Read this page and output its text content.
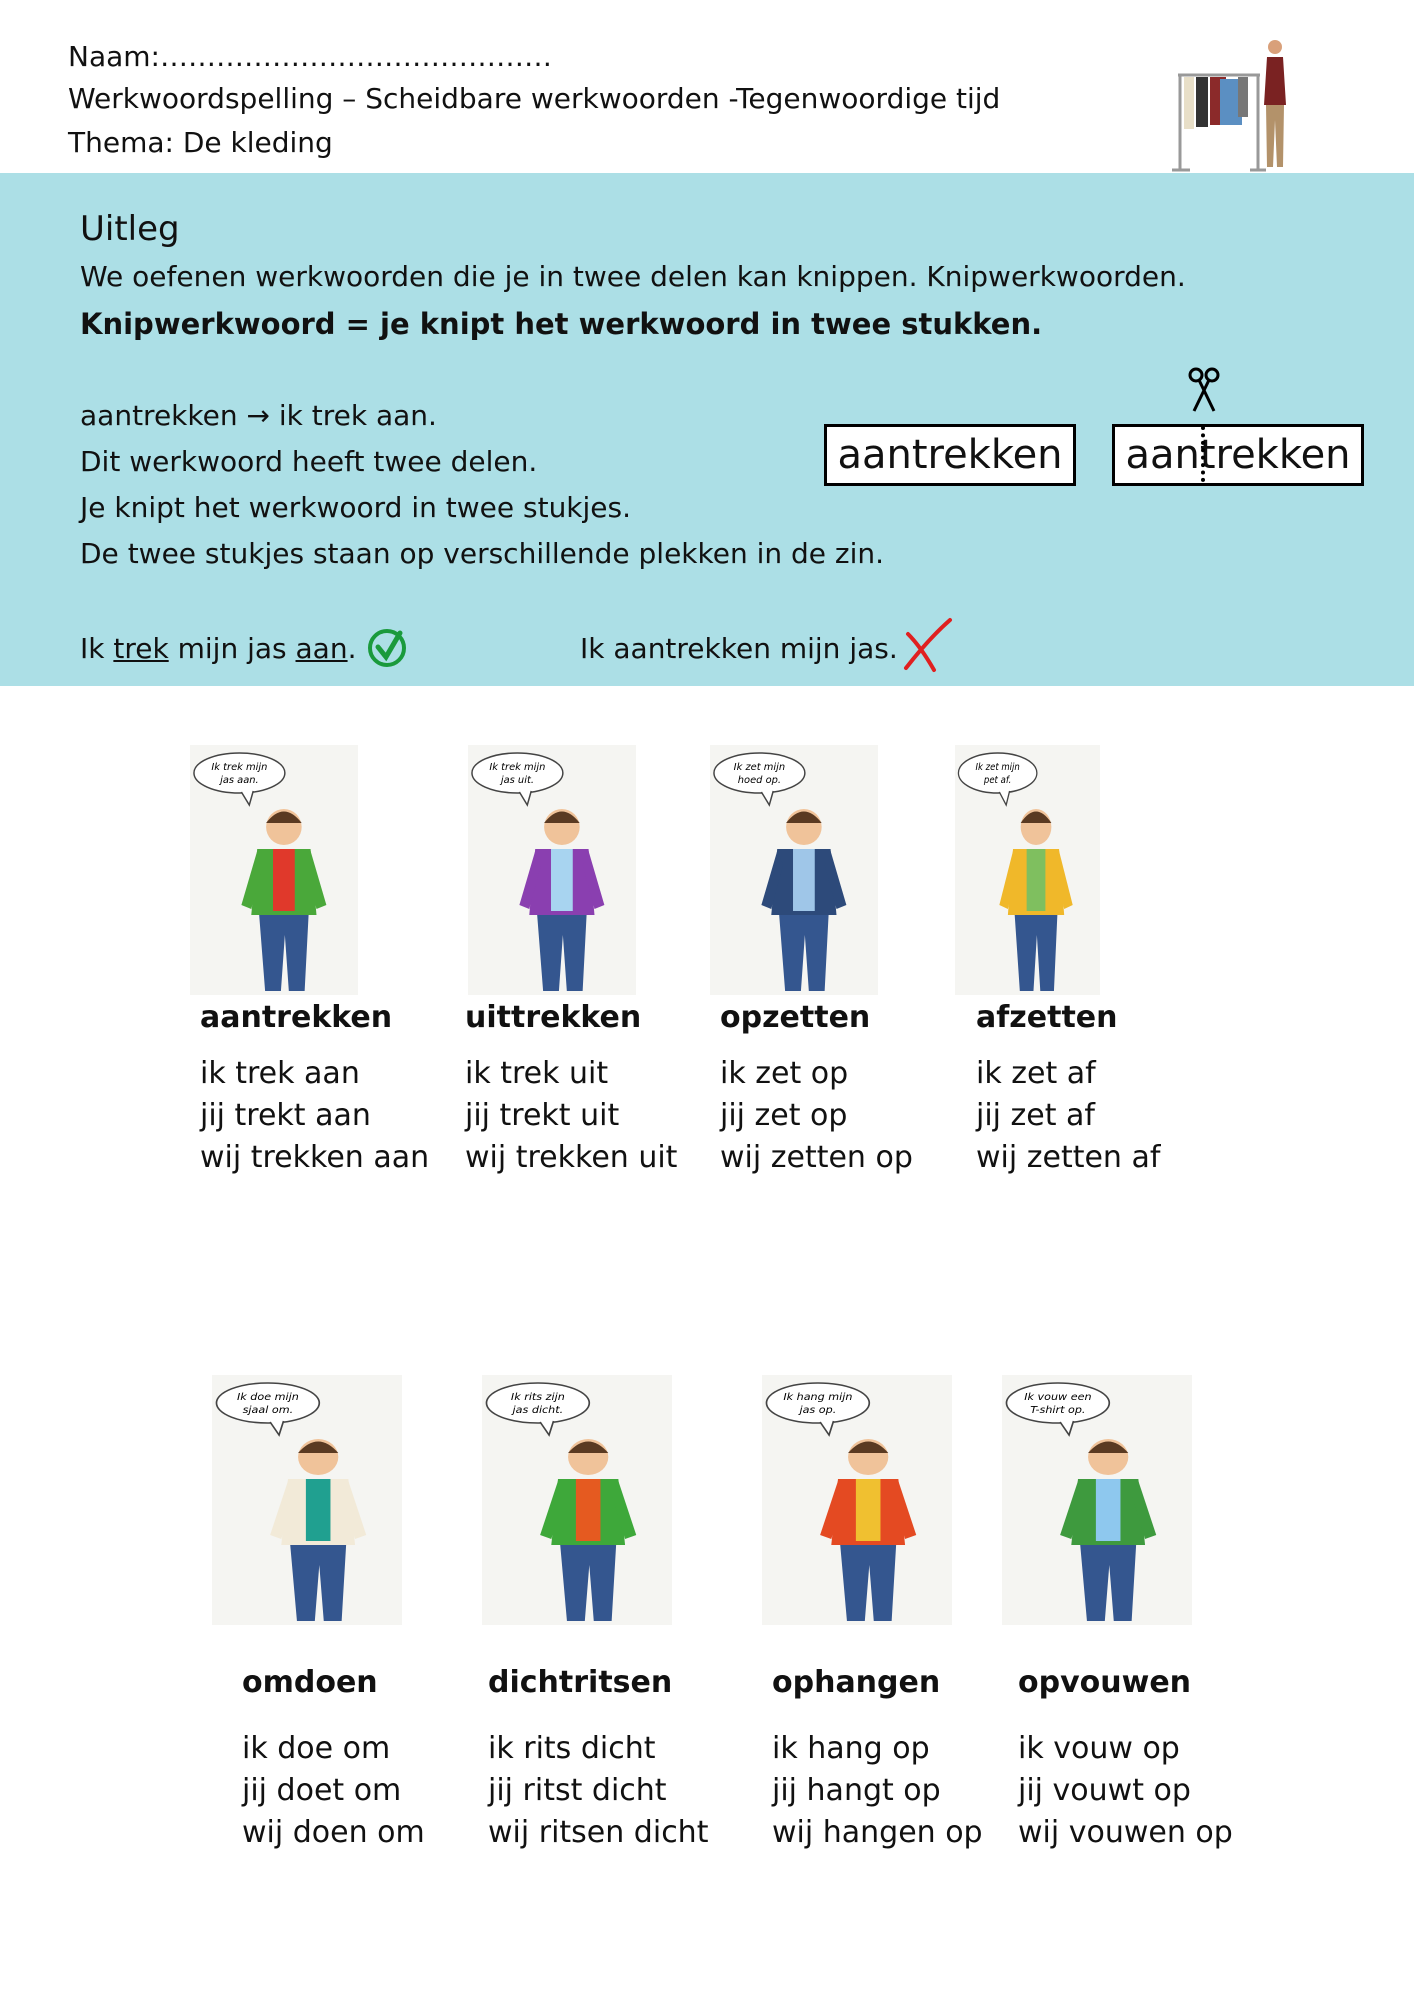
Naam:……………………………………
Werkwoordspelling – Scheidbare werkwoorden -Tegenwoordige tijd
Thema: De kleding
Uitleg
We oefenen werkwoorden die je in twee delen kan knippen. Knipwerkwoorden.
Knipwerkwoord = je knipt het werkwoord in twee stukken.
aantrekken → ik trek aan.
Dit werkwoord heeft twee delen.
Je knipt het werkwoord in twee stukjes.
De twee stukjes staan op verschillende plekken in de zin.
aantrekken	aantrekken
Ik trek mijn jas aan.	Ik aantrekken mijn jas.
Ik trek mijn
jas aan.
aantrekken
ik trek aan
jij trekt aan
wij trekken aan
Ik trek mijn
jas uit.
uittrekken
ik trek uit
jij trekt uit
wij trekken uit
Ik zet mijn
hoed op.
opzetten
ik zet op
jij zet op
wij zetten op
Ik zet mijn
pet af.
afzetten
ik zet af
jij zet af
wij zetten af
Ik doe mijn
sjaal om.
omdoen
ik doe om
jij doet om
wij doen om
Ik rits zijn
jas dicht.
dichtritsen
ik rits dicht
jij ritst dicht
wij ritsen dicht
Ik hang mijn
jas op.
ophangen
ik hang op
jij hangt op
wij hangen op
Ik vouw een
T-shirt op.
opvouwen
ik vouw op
jij vouwt op
wij vouwen op
